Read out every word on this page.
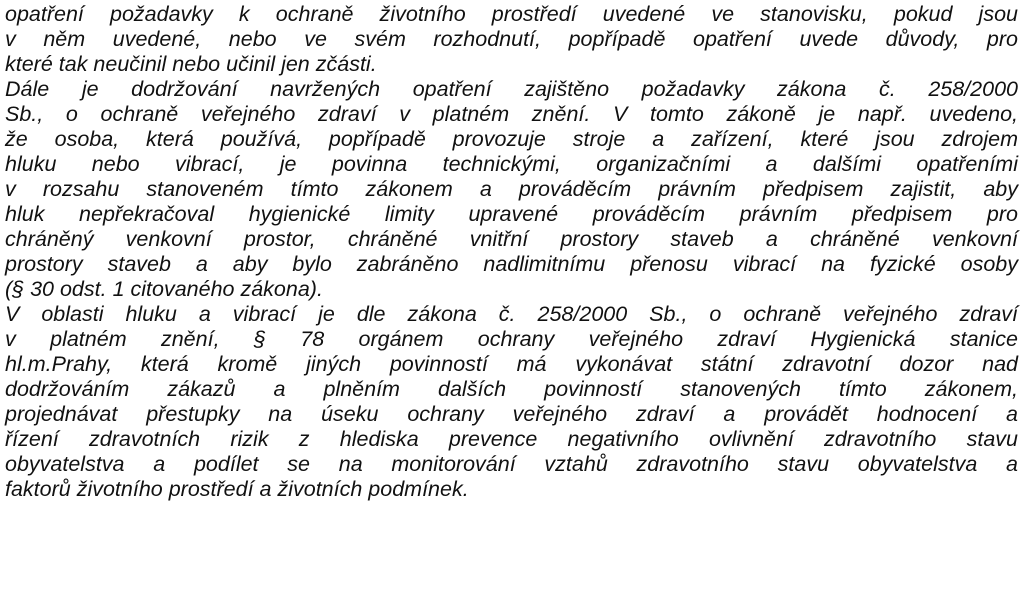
opatření požadavky k ochraně životního prostředí uvedené ve stanovisku, pokud jsou
v něm uvedené, nebo ve svém rozhodnutí, popřípadě opatření uvede důvody, pro
které tak neučinil nebo učinil jen zčásti.
Dále je dodržování navržených opatření zajištěno požadavky zákona č. 258/2000
Sb., o ochraně veřejného zdraví v platném znění. V tomto zákoně je např. uvedeno,
že osoba, která používá, popřípadě provozuje stroje a zařízení, které jsou zdrojem
hluku nebo vibrací, je povinna technickými, organizačními a dalšími opatřeními
v rozsahu stanoveném tímto zákonem a prováděcím právním předpisem zajistit, aby
hluk nepřekračoval hygienické limity upravené prováděcím právním předpisem pro
chráněný venkovní prostor, chráněné vnitřní prostory staveb a chráněné venkovní
prostory staveb a aby bylo zabráněno nadlimitnímu přenosu vibrací na fyzické osoby
(§ 30 odst. 1 citovaného zákona).
V oblasti hluku a vibrací je dle zákona č. 258/2000 Sb., o ochraně veřejného zdraví
v platném znění, § 78 orgánem ochrany veřejného zdraví Hygienická stanice
hl.m.Prahy, která kromě jiných povinností má vykonávat státní zdravotní dozor nad
dodržováním zákazů a plněním dalších povinností stanovených tímto zákonem,
projednávat přestupky na úseku ochrany veřejného zdraví a provádět hodnocení a
řízení zdravotních rizik z hlediska prevence negativního ovlivnění zdravotního stavu
obyvatelstva a podílet se na monitorování vztahů zdravotního stavu obyvatelstva a
faktorů životního prostředí a životních podmínek.
